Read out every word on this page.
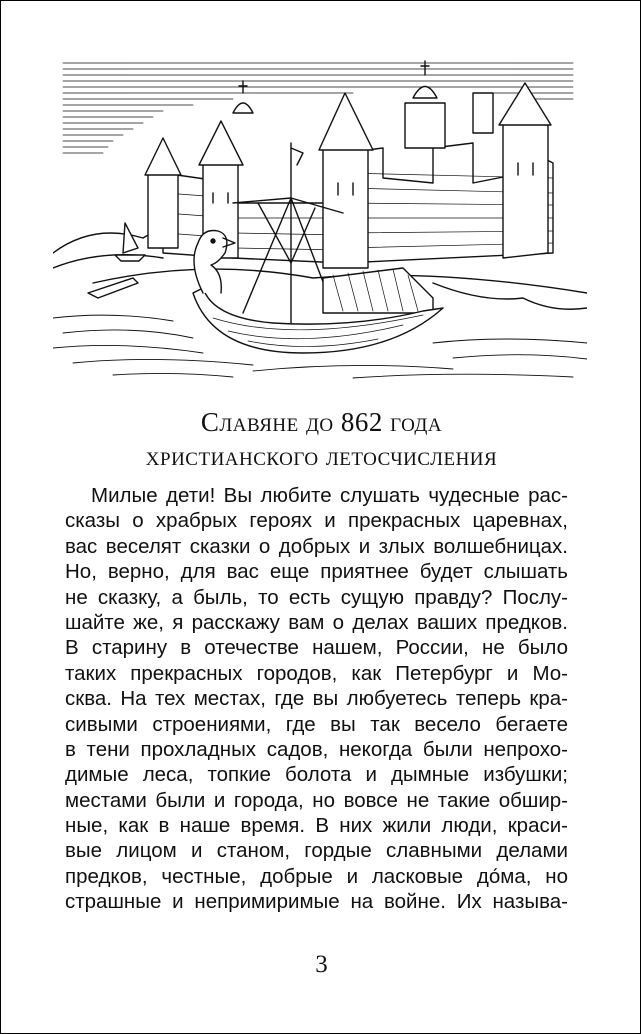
Славяне до 862 года
христианского летосчисления
Милые дети! Вы любите слушать чудесные рас-
сказы о храбрых героях и прекрасных царевнах,
вас веселят сказки о добрых и злых волшебницах.
Но, верно, для вас еще приятнее будет слышать
не сказку, а быль, то есть сущую правду? Послу-
шайте же, я расскажу вам о делах ваших предков.
В старину в отечестве нашем, России, не было
таких прекрасных городов, как Петербург и Мо-
сква. На тех местах, где вы любуетесь теперь кра-
сивыми строениями, где вы так весело бегаете
в тени прохладных садов, некогда были непрохо-
димые леса, топкие болота и дымные избушки;
местами были и города, но вовсе не такие обшир-
ные, как в наше время. В них жили люди, краси-
вые лицом и станом, гордые славными делами
предков, честные, добрые и ласковые до́ма, но
страшные и непримиримые на войне. Их называ-
3
